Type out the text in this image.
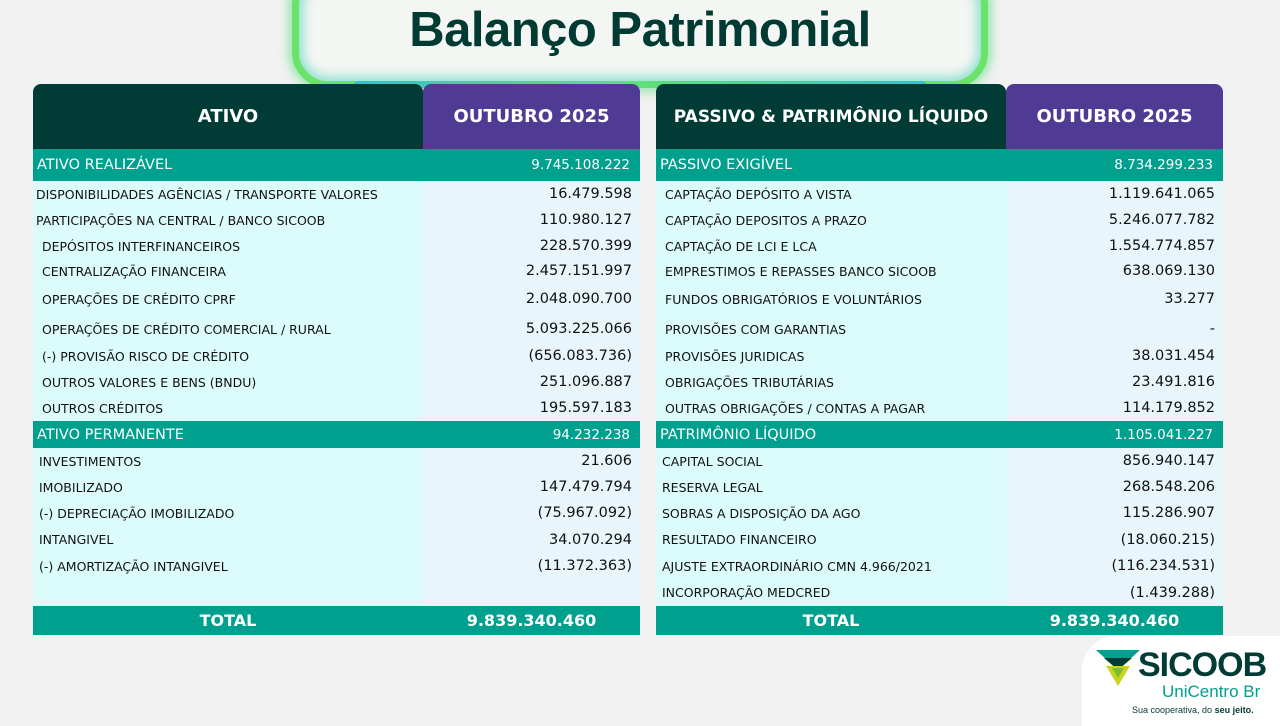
Balanço Patrimonial
ATIVO	OUTUBRO 2025
ATIVO REALIZÁVEL	9.745.108.222
DISPONIBILIDADES AGÊNCIAS / TRANSPORTE VALORES	16.479.598
PARTICIPAÇÕES NA CENTRAL / BANCO SICOOB	110.980.127
DEPÓSITOS INTERFINANCEIROS	228.570.399
CENTRALIZAÇÃO FINANCEIRA	2.457.151.997
OPERAÇÕES DE CRÉDITO CPRF	2.048.090.700
OPERAÇÕES DE CRÉDITO COMERCIAL / RURAL	5.093.225.066
(-) PROVISÃO RISCO DE CRÉDITO	(656.083.736)
OUTROS VALORES E BENS (BNDU)	251.096.887
OUTROS CRÉDITOS	195.597.183
ATIVO PERMANENTE	94.232.238
INVESTIMENTOS	21.606
IMOBILIZADO	147.479.794
(-) DEPRECIAÇÃO IMOBILIZADO	(75.967.092)
INTANGIVEL	34.070.294
(-) AMORTIZAÇÃO INTANGIVEL	(11.372.363)
TOTAL	9.839.340.460
PASSIVO & PATRIMÔNIO LÍQUIDO	OUTUBRO 2025
PASSIVO EXIGÍVEL	8.734.299.233
CAPTAÇÃO DEPÓSITO A VISTA	1.119.641.065
CAPTAÇÃO DEPOSITOS A PRAZO	5.246.077.782
CAPTAÇÃO DE LCI E LCA	1.554.774.857
EMPRESTIMOS E REPASSES BANCO SICOOB	638.069.130
FUNDOS OBRIGATÓRIOS E VOLUNTÁRIOS	33.277
PROVISÕES COM GARANTIAS	-
PROVISÕES JURIDICAS	38.031.454
OBRIGAÇÕES TRIBUTÁRIAS	23.491.816
OUTRAS OBRIGAÇÕES / CONTAS A PAGAR	114.179.852
PATRIMÔNIO LÍQUIDO	1.105.041.227
CAPITAL SOCIAL	856.940.147
RESERVA LEGAL	268.548.206
SOBRAS A DISPOSIÇÃO DA AGO	115.286.907
RESULTADO FINANCEIRO	(18.060.215)
AJUSTE EXTRAORDINÁRIO CMN 4.966/2021	(116.234.531)
INCORPORAÇÃO MEDCRED	(1.439.288)
TOTAL	9.839.340.460
SICOOB
UniCentro Br
Sua cooperativa, do seu jeito.
